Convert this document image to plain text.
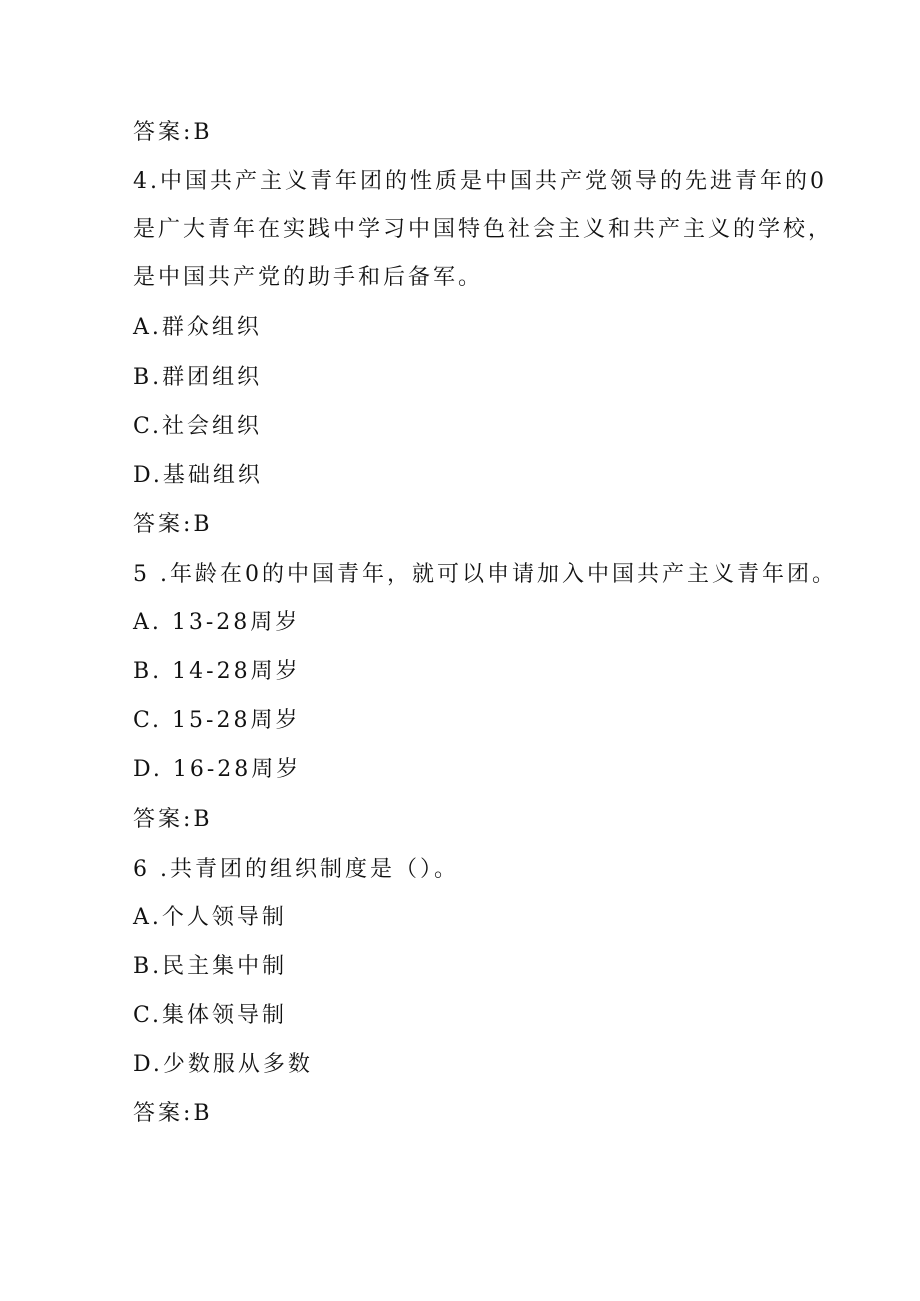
答案:B
4.中国共产主义青年团的性质是中国共产党领导的先进青年的0
是广大青年在实践中学习中国特色社会主义和共产主义的学校，
是中国共产党的助手和后备军。
A.群众组织
B.群团组织
C.社会组织
D.基础组织
答案:B
5 .年龄在0的中国青年，就可以申请加入中国共产主义青年团。
A. 13-28周岁
B. 14-28周岁
C. 15-28周岁
D. 16-28周岁
答案:B
6 .共青团的组织制度是（）。
A.个人领导制
B.民主集中制
C.集体领导制
D.少数服从多数
答案:B
